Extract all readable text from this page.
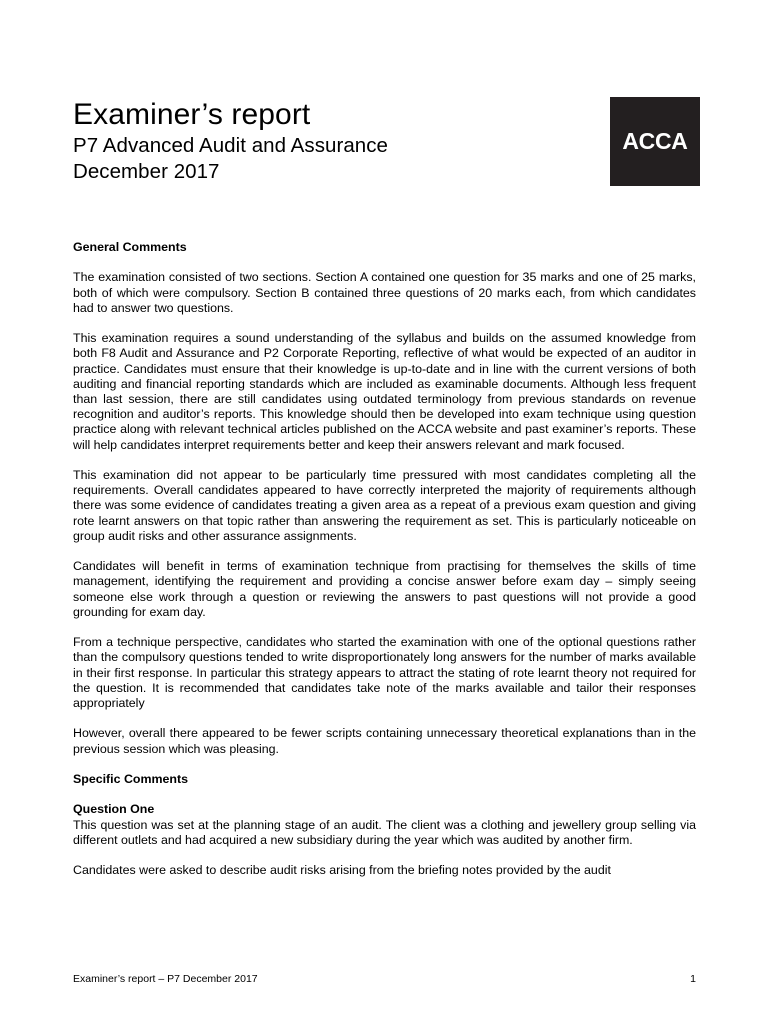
Examiner’s report
P7 Advanced Audit and Assurance
December 2017
ACCA
General Comments

The examination consisted of two sections. Section A contained one question for 35 marks and one of 25 marks, both of which were compulsory. Section B contained three questions of 20 marks each, from which candidates had to answer two questions.

This examination requires a sound understanding of the syllabus and builds on the assumed knowledge from both F8 Audit and Assurance and P2 Corporate Reporting, reflective of what would be expected of an auditor in practice. Candidates must ensure that their knowledge is up-to-date and in line with the current versions of both auditing and financial reporting standards which are included as examinable documents. Although less frequent than last session, there are still candidates using outdated terminology from previous standards on revenue recognition and auditor’s reports. This knowledge should then be developed into exam technique using question practice along with relevant technical articles published on the ACCA website and past examiner’s reports. These will help candidates interpret requirements better and keep their answers relevant and mark focused.

This examination did not appear to be particularly time pressured with most candidates completing all the requirements. Overall candidates appeared to have correctly interpreted the majority of requirements although there was some evidence of candidates treating a given area as a repeat of a previous exam question and giving rote learnt answers on that topic rather than answering the requirement as set. This is particularly noticeable on group audit risks and other assurance assignments.

Candidates will benefit in terms of examination technique from practising for themselves the skills of time management, identifying the requirement and providing a concise answer before exam day – simply seeing someone else work through a question or reviewing the answers to past questions will not provide a good grounding for exam day.

From a technique perspective, candidates who started the examination with one of the optional questions rather than the compulsory questions tended to write disproportionately long answers for the number of marks available in their first response. In particular this strategy appears to attract the stating of rote learnt theory not required for the question. It is recommended that candidates take note of the marks available and tailor their responses appropriately

However, overall there appeared to be fewer scripts containing unnecessary theoretical explanations than in the previous session which was pleasing.

Specific Comments
Question One

This question was set at the planning stage of an audit. The client was a clothing and jewellery group selling via different outlets and had acquired a new subsidiary during the year which was audited by another firm.

Candidates were asked to describe audit risks arising from the briefing notes provided by the audit

Examiner’s report – P7 December 2017	1
